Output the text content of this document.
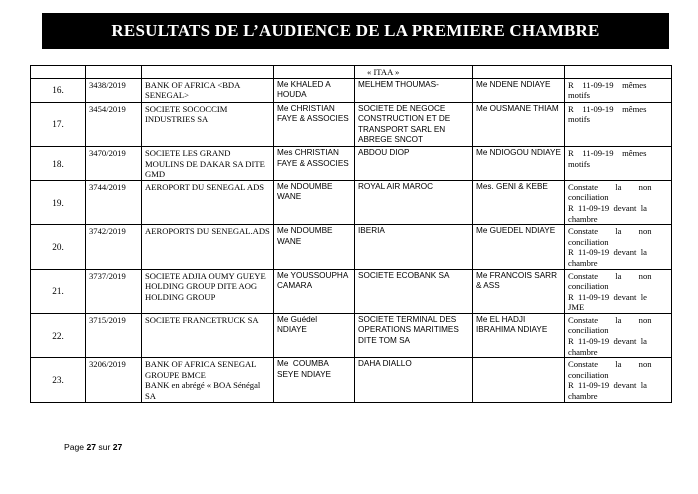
RESULTATS DE L’AUDIENCE DE LA PREMIERE CHAMBRE
				« ITAA »		
16.	3438/2019	BANK OF AFRICA <BDA
SENEGAL>	Me KHALED A
HOUDA	MELHEM THOUMAS-	Me NDENE NDIAYE	R    11-09-19    mêmes
motifs

17.	3454/2019	SOCIETE SOCOCCIM
INDUSTRIES SA	Me CHRISTIAN
FAYE & ASSOCIES	SOCIETE DE NEGOCE
CONSTRUCTION ET DE
TRANSPORT SARL EN
ABREGE SNCOT	Me OUSMANE THIAM	R    11-09-19    mêmes
motifs

18.	3470/2019	SOCIETE LES GRAND
MOULINS DE DAKAR SA DITE
GMD	Mes CHRISTIAN
FAYE & ASSOCIES	ABDOU DIOP	Me NDIOGOU NDIAYE	R    11-09-19    mêmes
motifs

19.	3744/2019	AEROPORT DU SENEGAL ADS	Me NDOUMBE
WANE	ROYAL AIR MAROC	Mes. GENI & KEBE	Constate        la        non
conciliation
R  11-09-19  devant  la
chambre

20.	3742/2019	AEROPORTS DU SENEGAL.ADS	Me NDOUMBE
WANE	IBERIA	Me GUEDEL NDIAYE	Constate        la        non
conciliation
R  11-09-19  devant  la
chambre

21.	3737/2019	SOCIETE ADJIA OUMY GUEYE
HOLDING GROUP DITE AOG
HOLDING GROUP	Me YOUSSOUPHA
CAMARA	SOCIETE ECOBANK SA	Me FRANCOIS SARR
& ASS	Constate        la        non
conciliation
R  11-09-19  devant  le
JME

22.	3715/2019	SOCIETE FRANCETRUCK SA	Me Guédel
NDIAYE	SOCIETE TERMINAL DES
OPERATIONS MARITIMES
DITE TOM SA	Me EL HADJI
IBRAHIMA NDIAYE	Constate        la        non
conciliation
R  11-09-19  devant  la
chambre

23.	3206/2019	BANK OF AFRICA SENEGAL
GROUPE BMCE
BANK en abrégé « BOA Sénégal
SA	Me  COUMBA
SEYE NDIAYE	DAHA DIALLO		Constate        la        non
conciliation
R  11-09-19  devant  la
chambre
Page 27 sur 27
